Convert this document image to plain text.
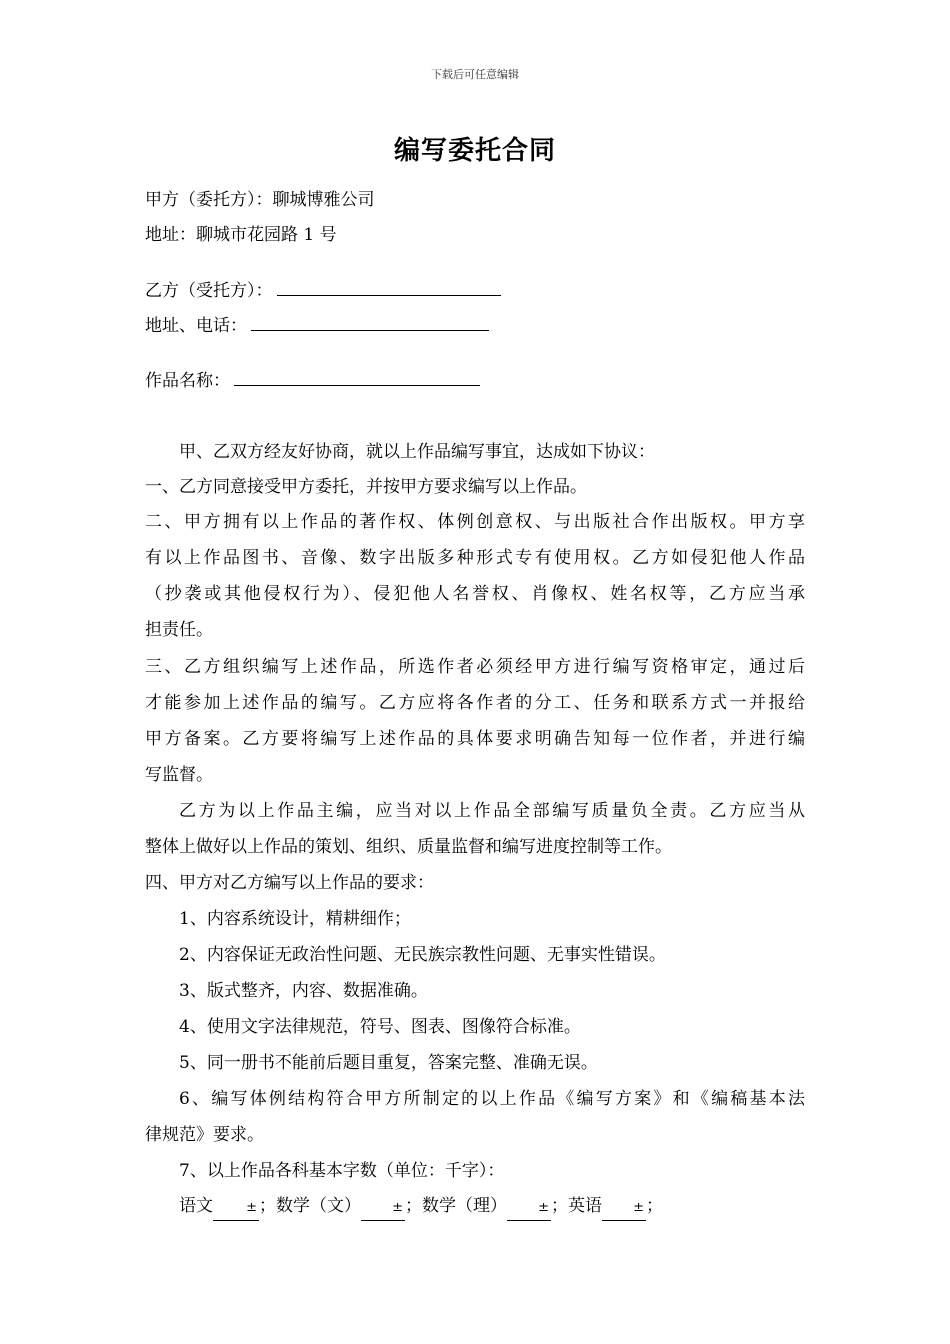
下载后可任意编辑
编写委托合同
甲方（委托方）：聊城博雅公司
地址：聊城市花园路 1 号
乙方（受托方）：
地址、电话：
作品名称：
甲、乙双方经友好协商，就以上作品编写事宜，达成如下协议：
一、乙方同意接受甲方委托，并按甲方要求编写以上作品。
二、甲方拥有以上作品的著作权、体例创意权、与出版社合作出版权。甲方享
有以上作品图书、音像、数字出版多种形式专有使用权。乙方如侵犯他人作品
（抄袭或其他侵权行为）、侵犯他人名誉权、肖像权、姓名权等，乙方应当承
担责任。
三、乙方组织编写上述作品，所选作者必须经甲方进行编写资格审定，通过后
才能参加上述作品的编写。乙方应将各作者的分工、任务和联系方式一并报给
甲方备案。乙方要将编写上述作品的具体要求明确告知每一位作者，并进行编
写监督。
乙方为以上作品主编，应当对以上作品全部编写质量负全责。乙方应当从
整体上做好以上作品的策划、组织、质量监督和编写进度控制等工作。
四、甲方对乙方编写以上作品的要求：
1、内容系统设计，精耕细作；
2、内容保证无政治性问题、无民族宗教性问题、无事实性错误。
3、版式整齐，内容、数据准确。
4、使用文字法律规范，符号、图表、图像符合标准。
5、同一册书不能前后题目重复，答案完整、准确无误。
6、编写体例结构符合甲方所制定的以上作品《编写方案》和《编稿基本法
律规范》要求。
7、以上作品各科基本字数（单位：千字）：
语文	± ；数学（文） ± ；数学（理） ± ；英语 ± ；
